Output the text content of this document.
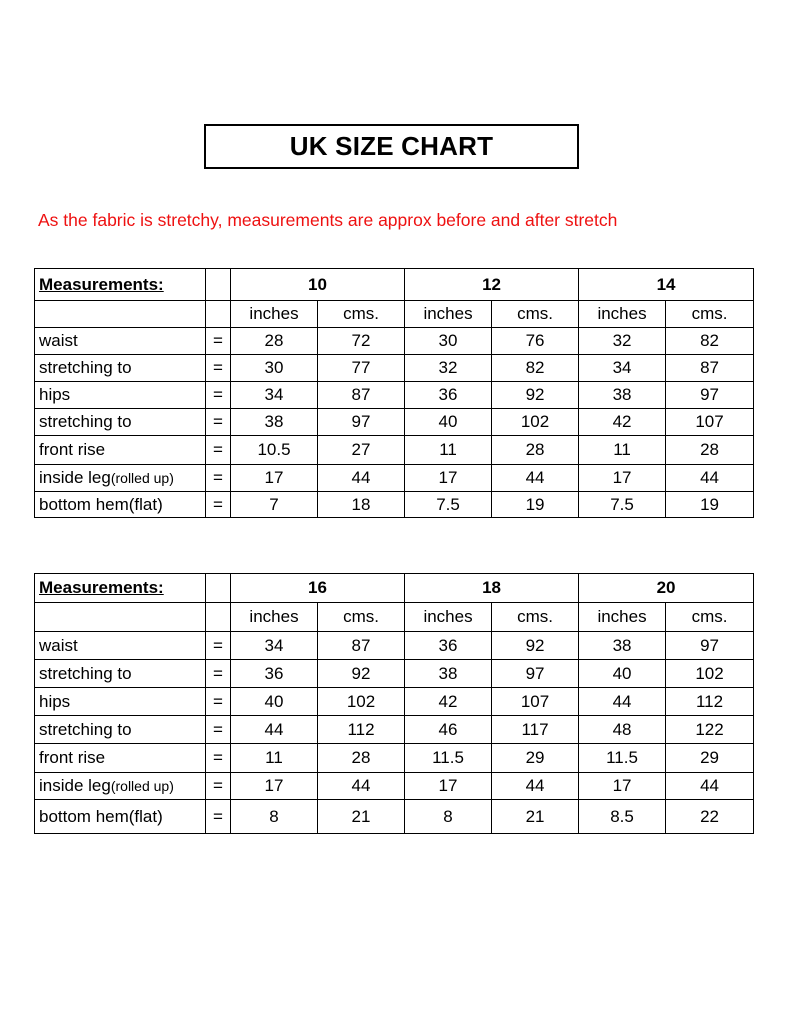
UK SIZE CHART
As the fabric is stretchy, measurements are approx before and after stretch
Measurements:		10		12		14	
		inches	cms.	inches	cms.	inches	cms.
waist	=	28	72	30	76	32	82
stretching to	=	30	77	32	82	34	87
hips	=	34	87	36	92	38	97
stretching to	=	38	97	40	102	42	107
front rise	=	10.5	27	11	28	11	28
inside leg(rolled up)	=	17	44	17	44	17	44
bottom hem(flat)	=	7	18	7.5	19	7.5	19
Measurements:		16		18		20	
		inches	cms.	inches	cms.	inches	cms.
waist	=	34	87	36	92	38	97
stretching to	=	36	92	38	97	40	102
hips	=	40	102	42	107	44	112
stretching to	=	44	112	46	117	48	122
front rise	=	11	28	11.5	29	11.5	29
inside leg(rolled up)	=	17	44	17	44	17	44
bottom hem(flat)	=	8	21	8	21	8.5	22
